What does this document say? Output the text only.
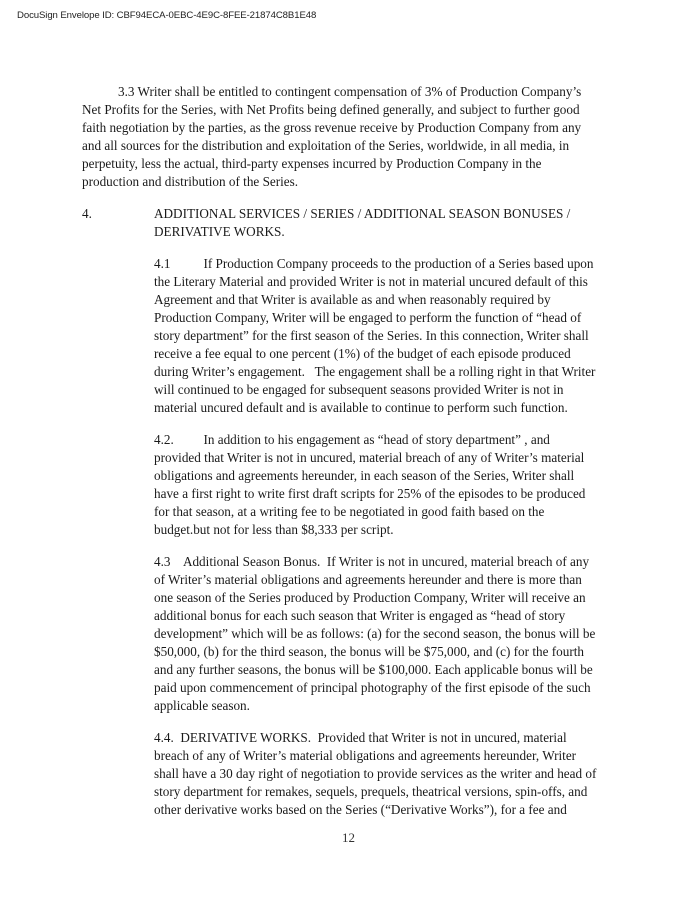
DocuSign Envelope ID: CBF94ECA-0EBC-4E9C-8FEE-21874C8B1E48
3.3 Writer shall be entitled to contingent compensation of 3% of Production Company’s
Net Profits for the Series, with Net Profits being defined generally, and subject to further good
faith negotiation by the parties, as the gross revenue receive by Production Company from any
and all sources for the distribution and exploitation of the Series, worldwide, in all media, in
perpetuity, less the actual, third-party expenses incurred by Production Company in the
production and distribution of the Series.
4.	ADDITIONAL SERVICES / SERIES / ADDITIONAL SEASON BONUSES /
DERIVATIVE WORKS.
4.1          If Production Company proceeds to the production of a Series based upon
the Literary Material and provided Writer is not in material uncured default of this
Agreement and that Writer is available as and when reasonably required by
Production Company, Writer will be engaged to perform the function of “head of
story department” for the first season of the Series. In this connection, Writer shall
receive a fee equal to one percent (1%) of the budget of each episode produced
during Writer’s engagement.   The engagement shall be a rolling right in that Writer
will continued to be engaged for subsequent seasons provided Writer is not in
material uncured default and is available to continue to perform such function.
4.2.         In addition to his engagement as “head of story department” , and
provided that Writer is not in uncured, material breach of any of Writer’s material
obligations and agreements hereunder, in each season of the Series, Writer shall
have a first right to write first draft scripts for 25% of the episodes to be produced
for that season, at a writing fee to be negotiated in good faith based on the
budget.but not for less than $8,333 per script.
4.3    Additional Season Bonus.  If Writer is not in uncured, material breach of any
of Writer’s material obligations and agreements hereunder and there is more than
one season of the Series produced by Production Company, Writer will receive an
additional bonus for each such season that Writer is engaged as “head of story
development” which will be as follows: (a) for the second season, the bonus will be
$50,000, (b) for the third season, the bonus will be $75,000, and (c) for the fourth
and any further seasons, the bonus will be $100,000. Each applicable bonus will be
paid upon commencement of principal photography of the first episode of the such
applicable season.
4.4.  DERIVATIVE WORKS.  Provided that Writer is not in uncured, material
breach of any of Writer’s material obligations and agreements hereunder, Writer
shall have a 30 day right of negotiation to provide services as the writer and head of
story department for remakes, sequels, prequels, theatrical versions, spin-offs, and
other derivative works based on the Series (“Derivative Works”), for a fee and
12
